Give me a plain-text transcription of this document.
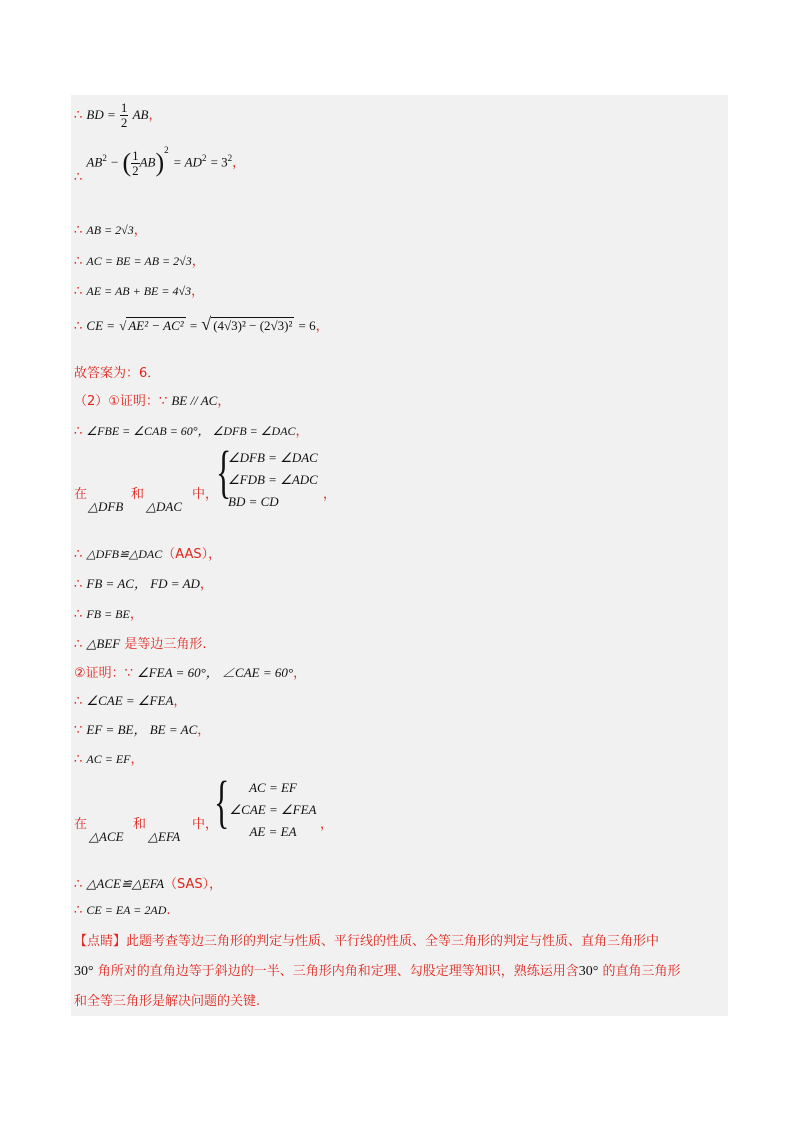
∴ BD = $\frac{1}{2}$ AB，
∴ $AB^2$ − ( $\frac{1}{2} AB)^2 = AD^2 = 3^2$，
∴ AB = 2√3，
∴ AC = BE = AB = 2√3，
∴ AE = AB + BE = 4√3，
∴ CE = √ AE² − AC² = √ (4√3)² − (2√3)² = 6，
故答案为：6．
（2）①证明：∵ BE // AC，
∴ ∠FBE = ∠CAB = 60°， ∠DFB = ∠DAC，
在	和	中，
△DFB △DAC
{
∠DFB = ∠DAC
∠FDB = ∠ADC
BD = CD	，
∴ △DFB≌△DAC（AAS），
∴ FB = AC， FD = AD，
∴ FB = BE，
∴ △BEF 是等边三角形.
②证明：∵ ∠FEA = 60°， ∠CAE = 60°，
∴ ∠CAE = ∠FEA，
∵ EF = BE， BE = AC，
∴ AC = EF，
在	和	中，
△ACE △EFA
{	AC = EF
∠CAE = ∠FEA
AE = EA	，
∴ △ACE≌△EFA（SAS），
∴ CE = EA = 2AD.
【点睛】此题考查等边三角形的判定与性质、平行线的性质、全等三角形的判定与性质、直角三角形中
30° 角所对的直角边等于斜边的一半、三角形内角和定理、勾股定理等知识，熟练运用含30° 的直角三角形
和全等三角形是解决问题的关键.
